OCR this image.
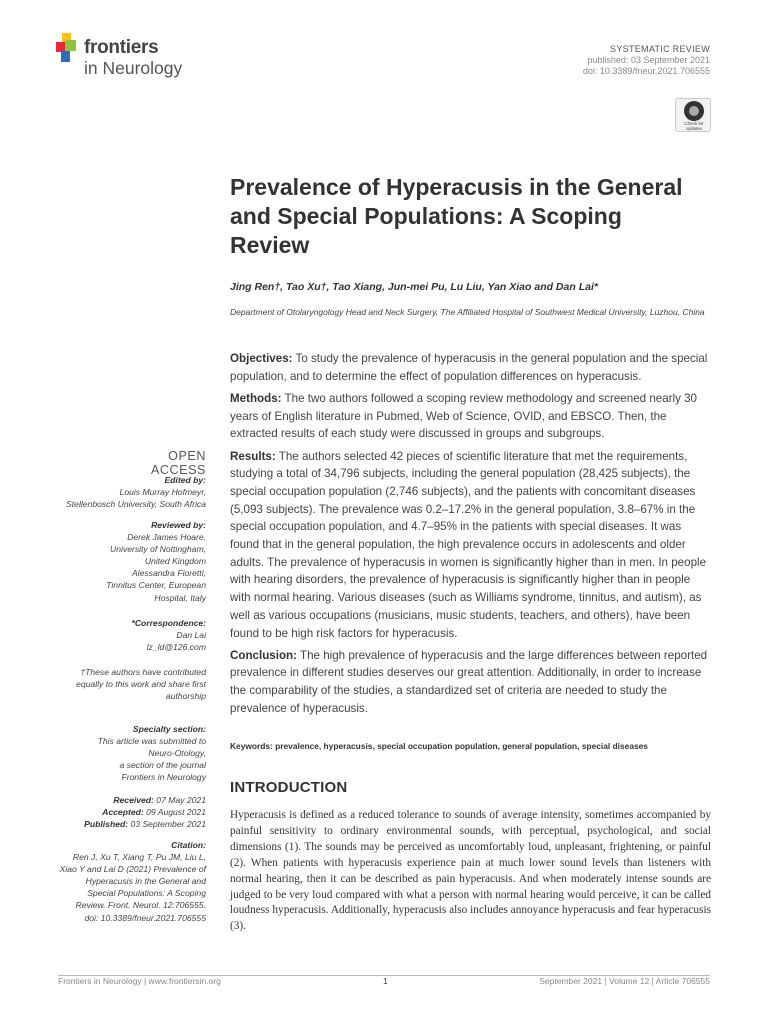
frontiers
in Neurology
SYSTEMATIC REVIEW
published: 03 September 2021
doi: 10.3389/fneur.2021.706555
Check for
updates
Prevalence of Hyperacusis in the General and Special Populations: A Scoping Review
Jing Ren†, Tao Xu†, Tao Xiang, Jun-mei Pu, Lu Liu, Yan Xiao and Dan Lai*
Department of Otolaryngology Head and Neck Surgery, The Affiliated Hospital of Southwest Medical University, Luzhou, China

Objectives: To study the prevalence of hyperacusis in the general population and the special population, and to determine the effect of population differences on hyperacusis.

Methods: The two authors followed a scoping review methodology and screened nearly 30 years of English literature in Pubmed, Web of Science, OVID, and EBSCO. Then, the extracted results of each study were discussed in groups and subgroups.

Results: The authors selected 42 pieces of scientific literature that met the requirements, studying a total of 34,796 subjects, including the general population (28,425 subjects), the special occupation population (2,746 subjects), and the patients with concomitant diseases (5,093 subjects). The prevalence was 0.2–17.2% in the general population, 3.8–67% in the special occupation population, and 4.7–95% in the patients with special diseases. It was found that in the general population, the high prevalence occurs in adolescents and older adults. The prevalence of hyperacusis in women is significantly higher than in men. In people with hearing disorders, the prevalence of hyperacusis is significantly higher than in people with normal hearing. Various diseases (such as Williams syndrome, tinnitus, and autism), as well as various occupations (musicians, music students, teachers, and others), have been found to be high risk factors for hyperacusis.

Conclusion: The high prevalence of hyperacusis and the large differences between reported prevalence in different studies deserves our great attention. Additionally, in order to increase the comparability of the studies, a standardized set of criteria are needed to study the prevalence of hyperacusis.

Keywords: prevalence, hyperacusis, special occupation population, general population, special diseases
INTRODUCTION

Hyperacusis is defined as a reduced tolerance to sounds of average intensity, sometimes accompanied by painful sensitivity to ordinary environmental sounds, with perceptual, psychological, and social dimensions (1). The sounds may be perceived as uncomfortably loud, unpleasant, frightening, or painful (2). When patients with hyperacusis experience pain at much lower sound levels than listeners with normal hearing, then it can be described as pain hyperacusis. And when moderately intense sounds are judged to be very loud compared with what a person with normal hearing would perceive, it can be called loudness hyperacusis. Additionally, hyperacusis also includes annoyance hyperacusis and fear hyperacusis (3).

OPEN ACCESS
Edited by:
Louis Murray Hofmeyr,
Stellenbosch University, South Africa
Reviewed by:
Derek James Hoare,
University of Nottingham,
United Kingdom
Alessandra Fioretti,
Tinnitus Center, European
Hospital, Italy
*Correspondence:
Dan Lai
lz_ld@126.com
†These authors have contributed
equally to this work and share first
authorship
Specialty section:
This article was submitted to
Neuro-Otology,
a section of the journal
Frontiers in Neurology
Received: 07 May 2021
Accepted: 09 August 2021
Published: 03 September 2021
Citation:
Ren J, Xu T, Xiang T, Pu JM, Liu L,
Xiao Y and Lai D (2021) Prevalence of
Hyperacusis in the General and
Special Populations: A Scoping
Review. Front. Neurol. 12:706555.
doi: 10.3389/fneur.2021.706555
Frontiers in Neurology | www.frontiersin.org	1	September 2021 | Volume 12 | Article 706555
